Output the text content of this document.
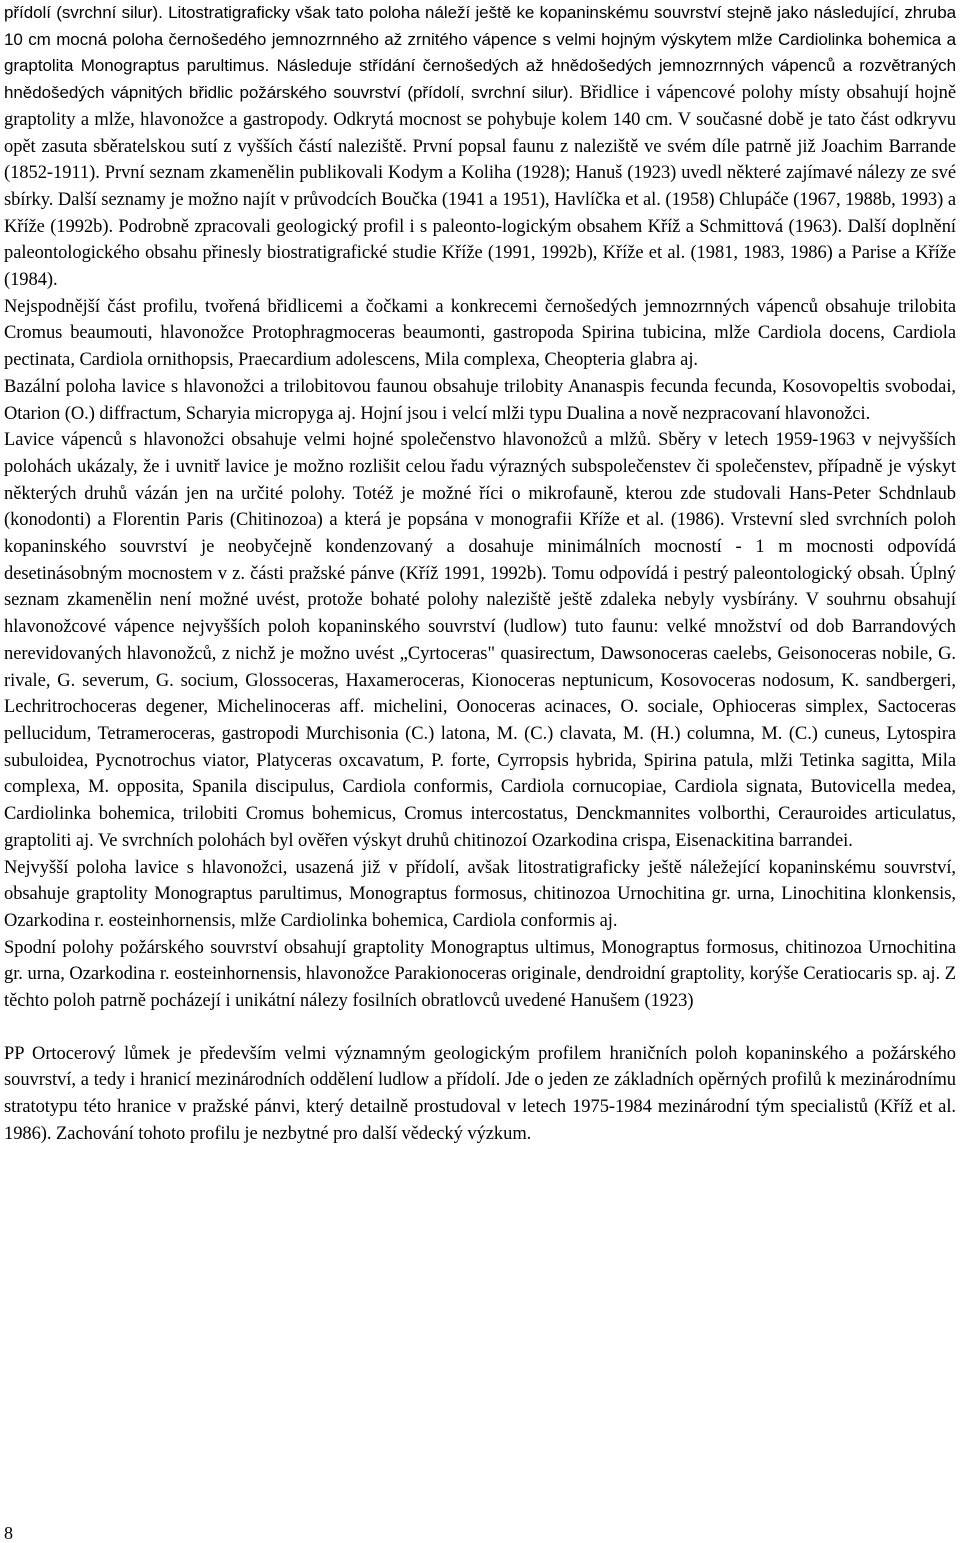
přídolí (svrchní silur). Litostratigraficky však tato poloha náleží ještě ke kopaninskému souvrství stejně jako následující, zhruba 10 cm mocná poloha černošedého jemnozrnného až zrnitého vápence s velmi hojným výskytem mlže Cardiolinka bohemica a graptolita Monograptus parultimus. Následuje střídání černošedých až hnědošedých jemnozrnných vápenců a rozvětraných hnědošedých vápnitých břidlic požárského souvrství (přídolí, svrchní silur). Břidlice i vápencové polohy místy obsahují hojně graptolity a mlže, hlavonožce a gastropody. Odkrytá mocnost se pohybuje kolem 140 cm. V současné době je tato část odkryvu opět zasuta sběratelskou sutí z vyšších částí naleziště. První popsal faunu z naleziště ve svém díle patrně již Joachim Barrande (1852-1911). První seznam zkamenělin publikovali Kodym a Koliha (1928); Hanuš (1923) uvedl některé zajímavé nálezy ze své sbírky. Další seznamy je možno najít v průvodcích Boučka (1941 a 1951), Havlíčka et al. (1958) Chlupáče (1967, 1988b, 1993) a Kříže (1992b). Podrobně zpracovali geologický profil i s paleonto-logickým obsahem Kříž a Schmittová (1963). Další doplnění paleontologického obsahu přinesly biostratigrafické studie Kříže (1991, 1992b), Kříže et al. (1981, 1983, 1986) a Parise a Kříže (1984).

Nejspodnější část profilu, tvořená břidlicemi a čočkami a konkrecemi černošedých jemnozrnných vápenců obsahuje trilobita Cromus beaumouti, hlavonožce Protophragmoceras beaumonti, gastropoda Spirina tubicina, mlže Cardiola docens, Cardiola pectinata, Cardiola ornithopsis, Praecardium adolescens, Mila complexa, Cheopteria glabra aj.

Bazální poloha lavice s hlavonožci a trilobitovou faunou obsahuje trilobity Ananaspis fecunda fecunda, Kosovopeltis svobodai, Otarion (O.) diffractum, Scharyia micropyga aj. Hojní jsou i velcí mlži typu Dualina a nově nezpracovaní hlavonožci.

Lavice vápenců s hlavonožci obsahuje velmi hojné společenstvo hlavonožců a mlžů. Sběry v letech 1959-1963 v nejvyšších polohách ukázaly, že i uvnitř lavice je možno rozlišit celou řadu výrazných subspolečenstev či společenstev, případně je výskyt některých druhů vázán jen na určité polohy. Totéž je možné říci o mikrofauně, kterou zde studovali Hans-Peter Schdnlaub (konodonti) a Florentin Paris (Chitinozoa) a která je popsána v monografii Kříže et al. (1986). Vrstevní sled svrchních poloh kopaninského souvrství je neobyčejně kondenzovaný a dosahuje minimálních mocností - 1 m mocnosti odpovídá desetinásobným mocnostem v z. části pražské pánve (Kříž 1991, 1992b). Tomu odpovídá i pestrý paleontologický obsah. Úplný seznam zkamenělin není možné uvést, protože bohaté polohy naleziště ještě zdaleka nebyly vysbírány. V souhrnu obsahují hlavonožcové vápence nejvyšších poloh kopaninského souvrství (ludlow) tuto faunu: velké množství od dob Barrandových nerevidovaných hlavonožců, z nichž je možno uvést „Cyrtoceras" quasirectum, Dawsonoceras caelebs, Geisonoceras nobile, G. rivale, G. severum, G. socium, Glossoceras, Haxameroceras, Kionoceras neptunicum, Kosovoceras nodosum, K. sandbergeri, Lechritrochoceras degener, Michelinoceras aff. michelini, Oonoceras acinaces, O. sociale, Ophioceras simplex, Sactoceras pellucidum, Tetrameroceras, gastropodi Murchisonia (C.) latona, M. (C.) clavata, M. (H.) columna, M. (C.) cuneus, Lytospira subuloidea, Pycnotrochus viator, Platyceras oxcavatum, P. forte, Cyrropsis hybrida, Spirina patula, mlži Tetinka sagitta, Mila complexa, M. opposita, Spanila discipulus, Cardiola conformis, Cardiola cornucopiae, Cardiola signata, Butovicella medea, Cardiolinka bohemica, trilobiti Cromus bohemicus, Cromus intercostatus, Denckmannites volborthi, Cerauroides articulatus, graptoliti aj. Ve svrchních polohách byl ověřen výskyt druhů chitinozoí Ozarkodina crispa, Eisenackitina barrandei.

Nejvyšší poloha lavice s hlavonožci, usazená již v přídolí, avšak litostratigraficky ještě náležející kopaninskému souvrství, obsahuje graptolity Monograptus parultimus, Monograptus formosus, chitinozoa Urnochitina gr. urna, Linochitina klonkensis, Ozarkodina r. eosteinhornensis, mlže Cardiolinka bohemica, Cardiola conformis aj.

Spodní polohy požárského souvrství obsahují graptolity Monograptus ultimus, Monograptus formosus, chitinozoa Urnochitina gr. urna, Ozarkodina r. eosteinhornensis, hlavonožce Parakionoceras originale, dendroidní graptolity, korýše Ceratiocaris sp. aj. Z těchto poloh patrně pocházejí i unikátní nálezy fosilních obratlovců uvedené Hanušem (1923)

PP Ortocerový lůmek je především velmi významným geologickým profilem hraničních poloh kopaninského a požárského souvrství, a tedy i hranicí mezinárodních oddělení ludlow a přídolí. Jde o jeden ze základních opěrných profilů k mezinárodnímu stratotypu této hranice v pražské pánvi, který detailně prostudoval v letech 1975-1984 mezinárodní tým specialistů (Kříž et al. 1986). Zachování tohoto profilu je nezbytné pro další vědecký výzkum.

8
